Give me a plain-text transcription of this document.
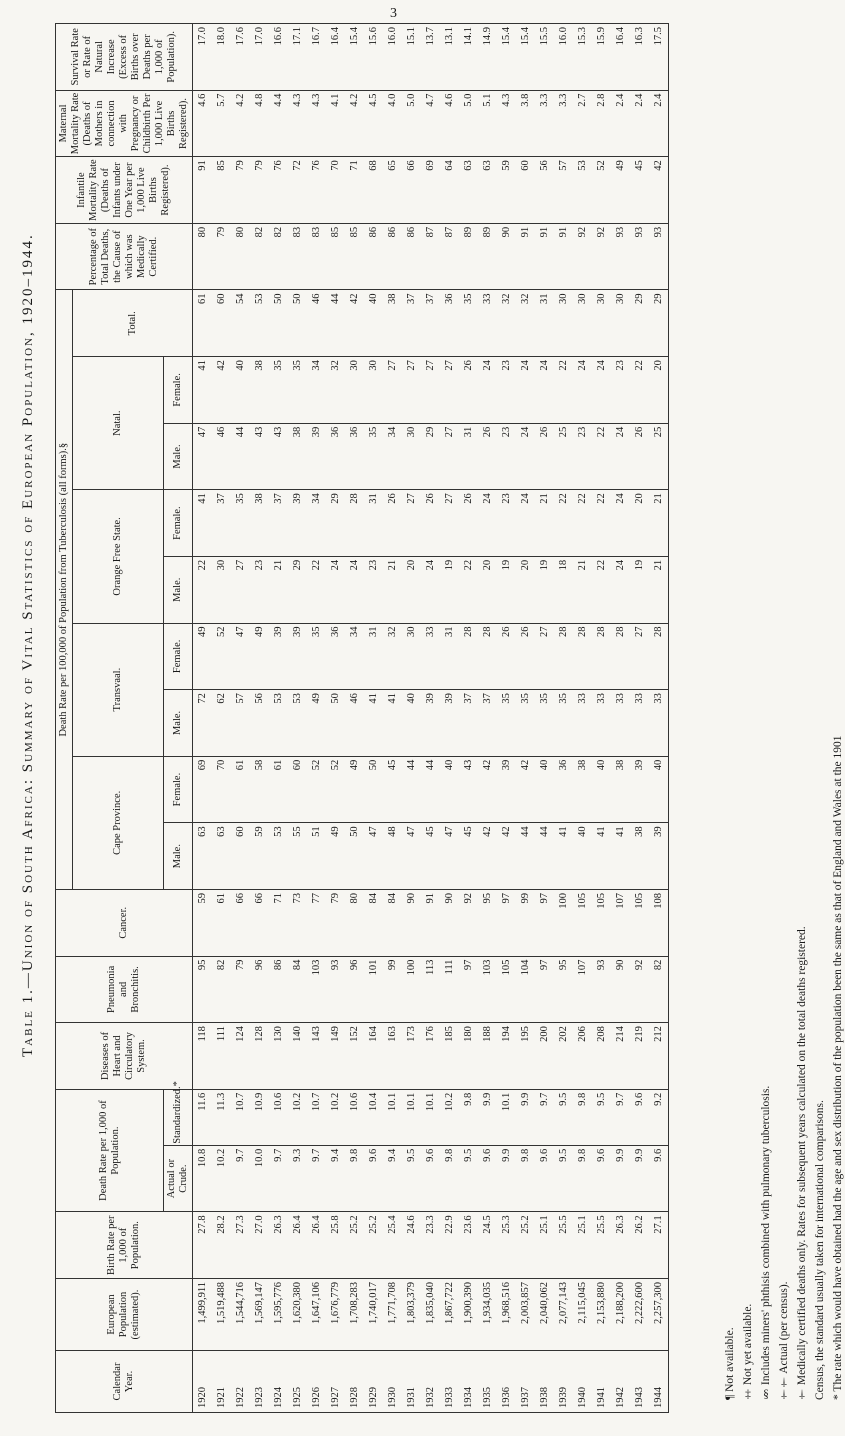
3
Table 1.—Union of South Africa: Summary of Vital Statistics of European Population, 1920–1944.
Calendar Year.	European Population (estimated).	Birth Rate per 1,000 of Population.	Death Rate per 1,000 of Population.		Diseases of Heart and Circulatory System.	Pneumonia and Bronchitis.	Cancer.	Death Rate per 100,000 of Population from Tuberculosis (all forms).§									Percentage of Total Deaths, the Cause of which was Medically Certified.	Infantile Mortality Rate (Deaths of Infants under One Year per 1,000 Live Births Registered).	Maternal Mortality Rate (Deaths of Mothers in connection with Pregnancy or Childbirth Per 1,000 Live Births Registered).	Survival Rate or Rate of Natural Increase (Excess of Births over Deaths per 1,000 of Population).
								Cape Province.		Transvaal.		Orange Free State.		Natal.		Total.				
			Actual or Crude.	Standardized.*				Male.	Female.	Male.	Female.	Male.	Female.	Male.	Female.					
1920	1,499,911	27.8	10.8	11.6	118	95	59	63	69	72	49	22	41	47	41	61	80	91	4.6	17.0
1921	1,519,488	28.2	10.2	11.3	111	82	61	63	70	62	52	30	37	46	42	60	79	85	5.7	18.0
1922	1,544,716	27.3	9.7	10.7	124	79	66	60	61	57	47	27	35	44	40	54	80	79	4.2	17.6
1923	1,569,147	27.0	10.0	10.9	128	96	66	59	58	56	49	23	38	43	38	53	82	79	4.8	17.0
1924	1,595,776	26.3	9.7	10.6	130	86	71	53	61	53	39	21	37	43	35	50	82	76	4.4	16.6
1925	1,620,380	26.4	9.3	10.2	140	84	73	55	60	53	39	29	39	38	35	50	83	72	4.3	17.1
1926	1,647,106	26.4	9.7	10.7	143	103	77	51	52	49	35	22	34	39	34	46	83	76	4.3	16.7
1927	1,676,779	25.8	9.4	10.2	149	93	79	49	52	50	36	24	29	36	32	44	85	70	4.1	16.4
1928	1,708,283	25.2	9.8	10.6	152	96	80	50	49	46	34	24	28	36	30	42	85	71	4.2	15.4
1929	1,740,017	25.2	9.6	10.4	164	101	84	47	50	41	31	23	31	35	30	40	86	68	4.5	15.6
1930	1,771,708	25.4	9.4	10.1	163	99	84	48	45	41	32	21	26	34	27	38	86	65	4.0	16.0
1931	1,803,379	24.6	9.5	10.1	173	100	90	47	44	40	30	20	27	30	27	37	86	66	5.0	15.1
1932	1,835,040	23.3	9.6	10.1	176	113	91	45	44	39	33	24	26	29	27	37	87	69	4.7	13.7
1933	1,867,722	22.9	9.8	10.2	185	111	90	47	40	39	31	19	27	27	27	36	87	64	4.6	13.1
1934	1,900,390	23.6	9.5	9.8	180	97	92	45	43	37	28	22	26	31	26	35	89	63	5.0	14.1
1935	1,934,035	24.5	9.6	9.9	188	103	95	42	42	37	28	20	24	26	24	33	89	63	5.1	14.9
1936	1,968,516	25.3	9.9	10.1	194	105	97	42	39	35	26	19	23	23	23	32	90	59	4.3	15.4
1937	2,003,857	25.2	9.8	9.9	195	104	99	44	42	35	26	20	24	24	24	32	91	60	3.8	15.4
1938	2,040,062	25.1	9.6	9.7	200	97	97	44	40	35	27	19	21	26	24	31	91	56	3.3	15.5
1939	2,077,143	25.5	9.5	9.5	202	95	100	41	36	35	28	18	22	25	22	30	91	57	3.3	16.0
1940	2,115,045	25.1	9.8	9.8	206	107	105	40	38	33	28	21	22	23	24	30	92	53	2.7	15.3
1941	2,153,880	25.5	9.6	9.5	208	93	105	41	40	33	28	22	22	22	24	30	92	52	2.8	15.9
1942	2,188,200	26.3	9.9	9.7	214	90	107	41	38	33	28	24	24	24	23	30	93	49	2.4	16.4
1943	2,222,600	26.2	9.9	9.6	219	92	105	38	39	33	27	19	20	26	22	29	93	45	2.4	16.3
1944	2,257,300	27.1	9.6	9.2	212	82	108	39	40	33	28	21	21	25	20	29	93	42	2.4	17.5
* The rate which would have obtained had the age and sex distribution of the population been the same as that of England and Wales at the 1901
Census, the standard usually taken for international comparisons.
† Medically certified deaths only. Rates for subsequent years calculated on the total deaths registered.
†† Actual (per census).
§ Includes miners' phthisis combined with pulmonary tuberculosis.
‡ Not yet available.
¶ Not available.
